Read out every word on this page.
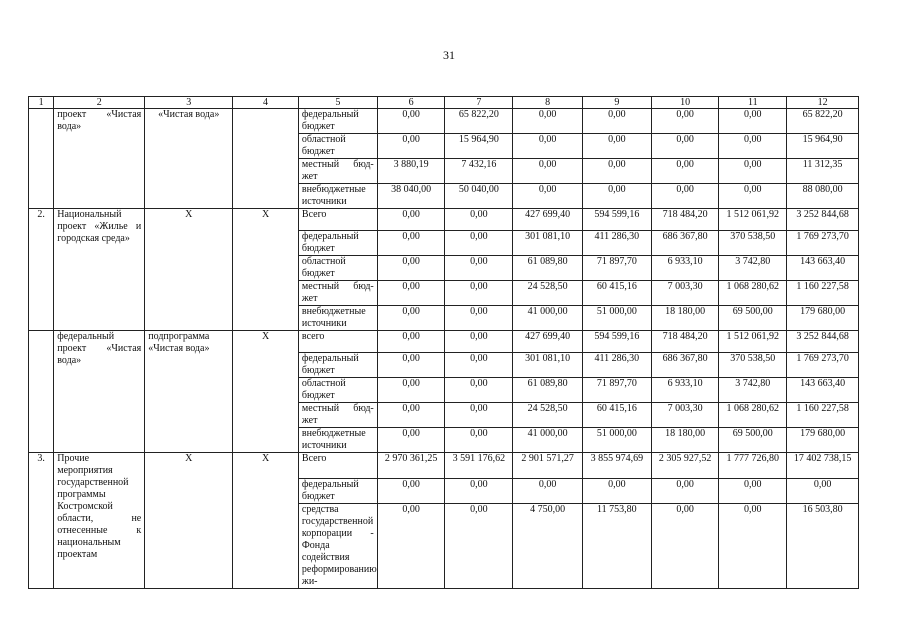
31
1	2	3	4	5	6	7	8	9	10	11	12
	проект «Чистая вода»	«Чистая вода»		федеральный бюджет	0,00	65 822,20	0,00	0,00	0,00	0,00	65 822,20
				областной бюджет	0,00	15 964,90	0,00	0,00	0,00	0,00	15 964,90
				местный бюд-жет	3 880,19	7 432,16	0,00	0,00	0,00	0,00	11 312,35
				внебюджетные источники	38 040,00	50 040,00	0,00	0,00	0,00	0,00	88 080,00
2.	Национальный проект «Жилье и городская среда»	Х	Х	Всего	0,00	0,00	427 699,40	594 599,16	718 484,20	1 512 061,92	3 252 844,68
				федеральный бюджет	0,00	0,00	301 081,10	411 286,30	686 367,80	370 538,50	1 769 273,70
				областной бюджет	0,00	0,00	61 089,80	71 897,70	6 933,10	3 742,80	143 663,40
				местный бюд-жет	0,00	0,00	24 528,50	60 415,16	7 003,30	1 068 280,62	1 160 227,58
				внебюджетные источники	0,00	0,00	41 000,00	51 000,00	18 180,00	69 500,00	179 680,00
	федеральный проект «Чистая вода»	подпрограмма «Чистая вода»	Х	всего	0,00	0,00	427 699,40	594 599,16	718 484,20	1 512 061,92	3 252 844,68
				федеральный бюджет	0,00	0,00	301 081,10	411 286,30	686 367,80	370 538,50	1 769 273,70
				областной бюджет	0,00	0,00	61 089,80	71 897,70	6 933,10	3 742,80	143 663,40
				местный бюд-жет	0,00	0,00	24 528,50	60 415,16	7 003,30	1 068 280,62	1 160 227,58
				внебюджетные источники	0,00	0,00	41 000,00	51 000,00	18 180,00	69 500,00	179 680,00
3.	Прочие мероприятия государственной программы Костромской области, не отнесенные к национальным проектам	Х	Х	Всего	2 970 361,25	3 591 176,62	2 901 571,27	3 855 974,69	2 305 927,52	1 777 726,80	17 402 738,15
				федеральный бюджет	0,00	0,00	0,00	0,00	0,00	0,00	0,00
				средства государственной корпорации - Фонда содействия реформированию жи-	0,00	0,00	4 750,00	11 753,80	0,00	0,00	16 503,80
